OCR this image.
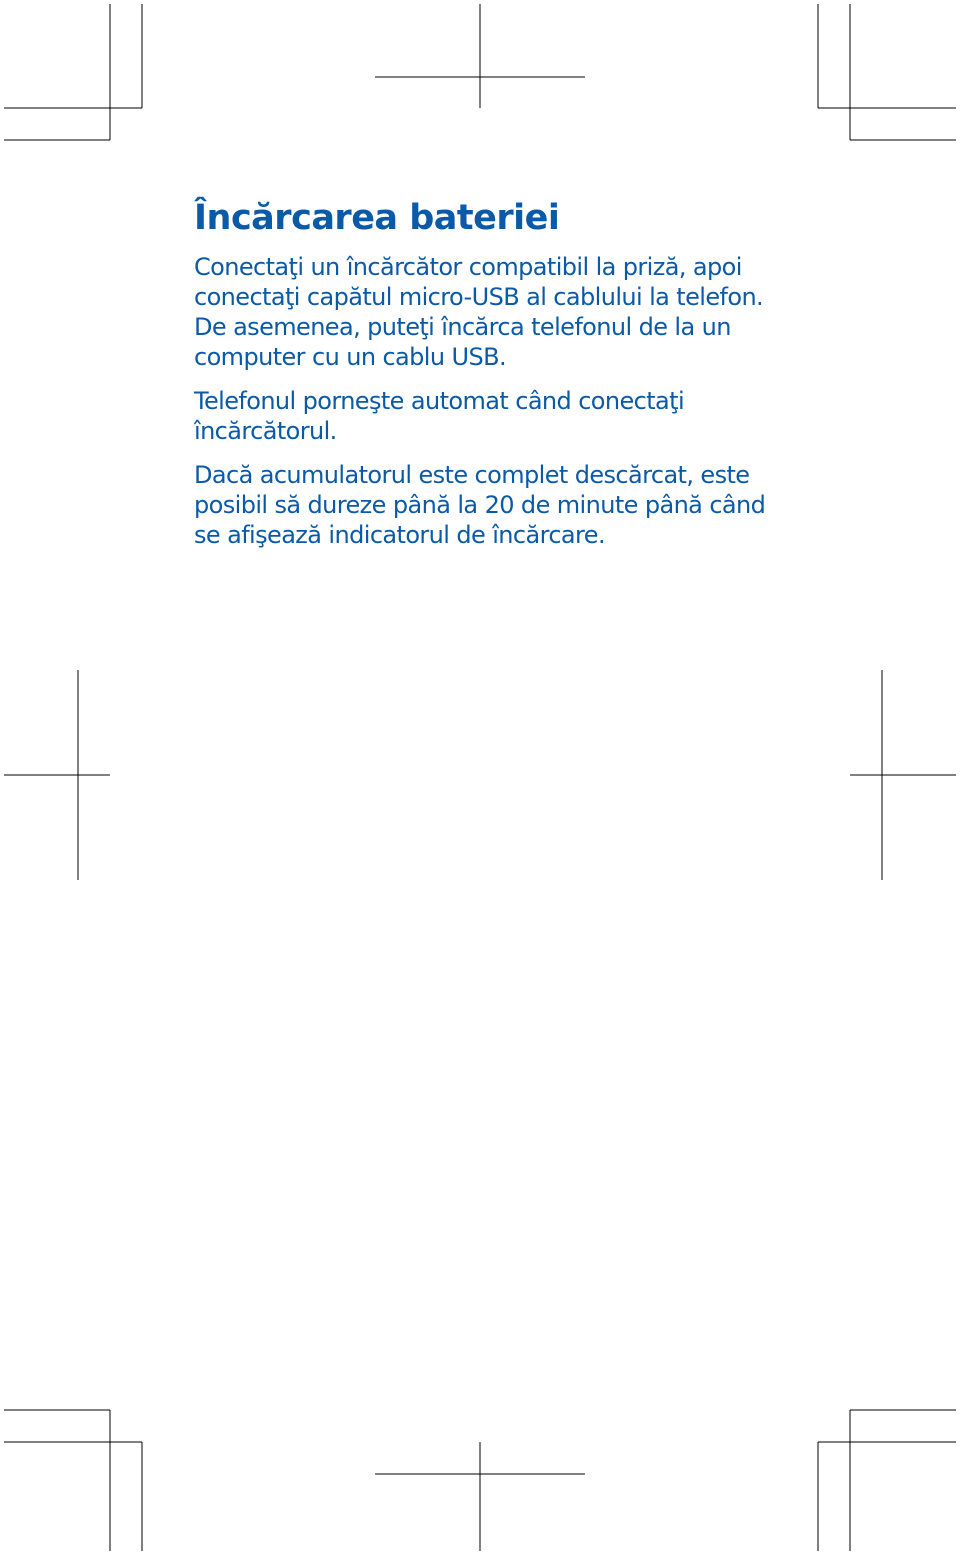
Încărcarea bateriei

Conectaţi un încărcător compatibil la priză, apoi conectaţi capătul micro-USB al cablului la telefon. De asemenea, puteţi încărca telefonul de la un computer cu un cablu USB.

Telefonul porneşte automat când conectaţi încărcătorul.

Dacă acumulatorul este complet descărcat, este posibil să dureze până la 20 de minute până când se afişează indicatorul de încărcare.
